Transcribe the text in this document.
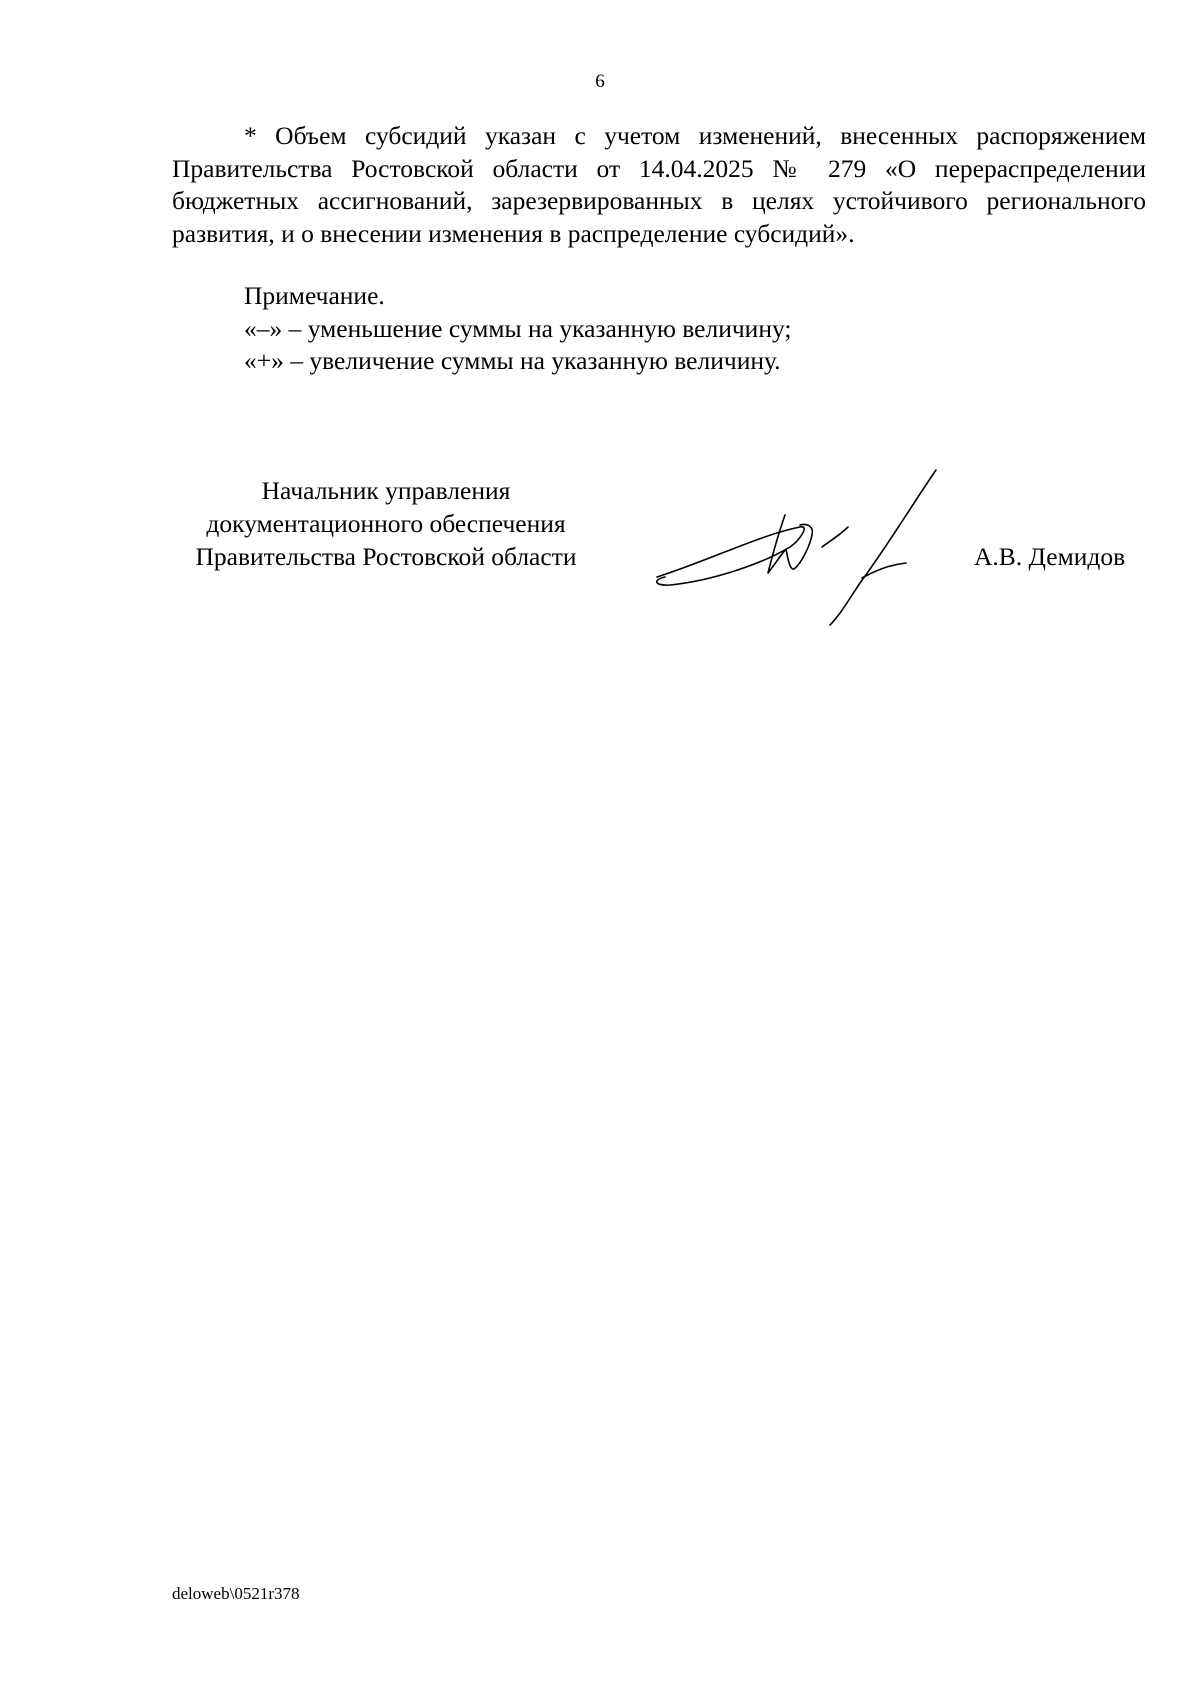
6

* Объем субсидий указан с учетом изменений, внесенных распоряжением Правительства Ростовской области от 14.04.2025 № 279 «О перераспределении бюджетных ассигнований, зарезервированных в целях устойчивого регионального развития, и о внесении изменения в распределение субсидий».

Примечание.
«–» – уменьшение суммы на указанную величину;
«+» – увеличение суммы на указанную величину.
Начальник управления
документационного обеспечения
Правительства Ростовской области	А.В. Демидов
deloweb\0521r378
